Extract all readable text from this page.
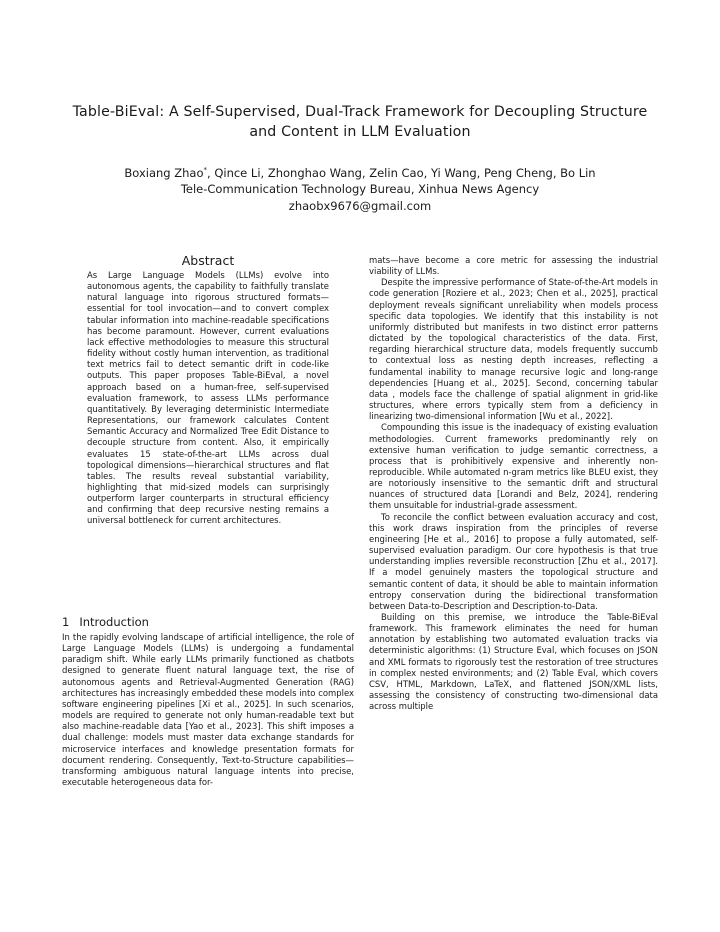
Table-BiEval: A Self-Supervised, Dual-Track Framework for Decoupling Structure and Content in LLM Evaluation
Boxiang Zhao*, Qince Li, Zhonghao Wang, Zelin Cao, Yi Wang, Peng Cheng, Bo Lin
Tele-Communication Technology Bureau, Xinhua News Agency
zhaobx9676@gmail.com
Abstract

As Large Language Models (LLMs) evolve into autonomous agents, the capability to faithfully translate natural language into rigorous structured formats—essential for tool invocation—and to convert complex tabular information into machine-readable specifications has become paramount. However, current evaluations lack effective methodologies to measure this structural fidelity without costly human intervention, as traditional text metrics fail to detect semantic drift in code-like outputs. This paper proposes Table-BiEval, a novel approach based on a human-free, self-supervised evaluation framework, to assess LLMs performance quantitatively. By leveraging deterministic Intermediate Representations, our framework calculates Content Semantic Accuracy and Normalized Tree Edit Distance to decouple structure from content. Also, it empirically evaluates 15 state-of-the-art LLMs across dual topological dimensions—hierarchical structures and flat tables. The results reveal substantial variability, highlighting that mid-sized models can surprisingly outperform larger counterparts in structural efficiency and confirming that deep recursive nesting remains a universal bottleneck for current architectures.

1 Introduction

In the rapidly evolving landscape of artificial intelligence, the role of Large Language Models (LLMs) is undergoing a fundamental paradigm shift. While early LLMs primarily functioned as chatbots designed to generate fluent natural language text, the rise of autonomous agents and Retrieval-Augmented Generation (RAG) architectures has increasingly embedded these models into complex software engineering pipelines [Xi et al., 2025]. In such scenarios, models are required to generate not only human-readable text but also machine-readable data [Yao et al., 2023]. This shift imposes a dual challenge: models must master data exchange standards for microservice interfaces and knowledge presentation formats for document rendering. Consequently, Text-to-Structure capabilities—transforming ambiguous natural language intents into precise, executable heterogeneous data for-

mats—have become a core metric for assessing the industrial viability of LLMs.

Despite the impressive performance of State-of-the-Art models in code generation [Roziere et al., 2023; Chen et al., 2025], practical deployment reveals significant unreliability when models process specific data topologies. We identify that this instability is not uniformly distributed but manifests in two distinct error patterns dictated by the topological characteristics of the data. First, regarding hierarchical structure data, models frequently succumb to contextual loss as nesting depth increases, reflecting a fundamental inability to manage recursive logic and long-range dependencies [Huang et al., 2025]. Second, concerning tabular data , models face the challenge of spatial alignment in grid-like structures, where errors typically stem from a deficiency in linearizing two-dimensional information [Wu et al., 2022].

Compounding this issue is the inadequacy of existing evaluation methodologies. Current frameworks predominantly rely on extensive human verification to judge semantic correctness, a process that is prohibitively expensive and inherently non-reproducible. While automated n-gram metrics like BLEU exist, they are notoriously insensitive to the semantic drift and structural nuances of structured data [Lorandi and Belz, 2024], rendering them unsuitable for industrial-grade assessment.

To reconcile the conflict between evaluation accuracy and cost, this work draws inspiration from the principles of reverse engineering [He et al., 2016] to propose a fully automated, self-supervised evaluation paradigm. Our core hypothesis is that true understanding implies reversible reconstruction [Zhu et al., 2017]. If a model genuinely masters the topological structure and semantic content of data, it should be able to maintain information entropy conservation during the bidirectional transformation between Data-to-Description and Description-to-Data.

Building on this premise, we introduce the Table-BiEval framework. This framework eliminates the need for human annotation by establishing two automated evaluation tracks via deterministic algorithms: (1) Structure Eval, which focuses on JSON and XML formats to rigorously test the restoration of tree structures in complex nested environments; and (2) Table Eval, which covers CSV, HTML, Markdown, LaTeX, and flattened JSON/XML lists, assessing the consistency of constructing two-dimensional data across multiple
